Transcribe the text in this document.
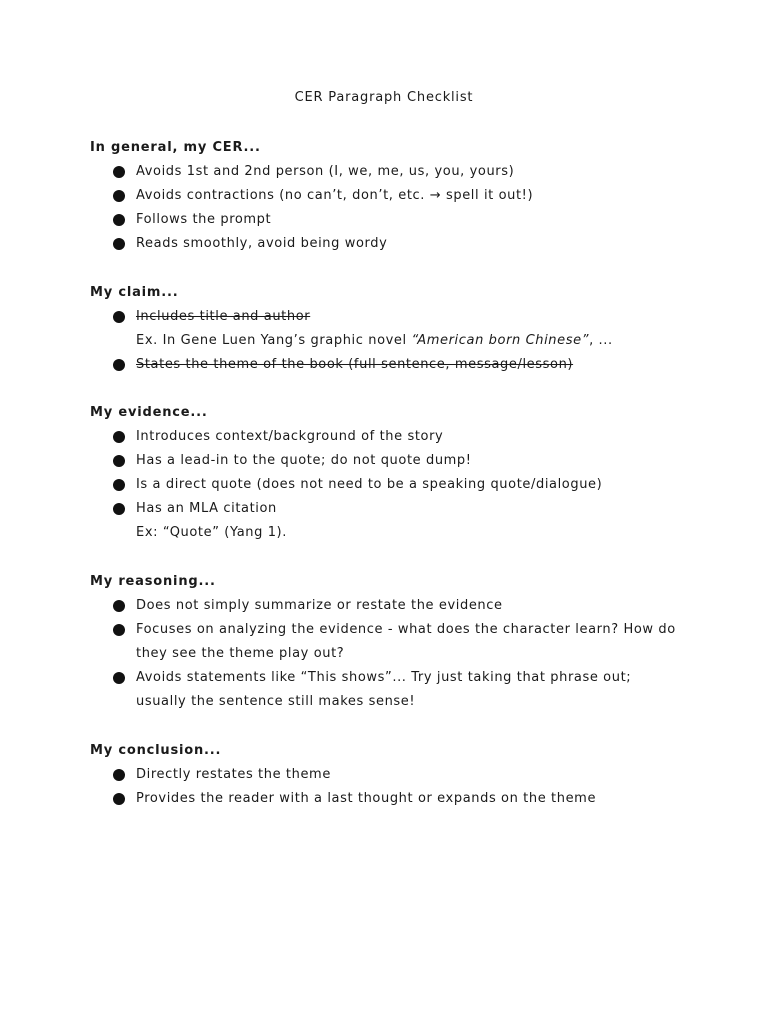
CER Paragraph Checklist
In general, my CER...
Avoids 1st and 2nd person (I, we, me, us, you, yours)
Avoids contractions (no can’t, don’t, etc. → spell it out!)
Follows the prompt
Reads smoothly, avoid being wordy
My claim...
Includes title and author
Ex. In Gene Luen Yang’s graphic novel “American born Chinese”, ...
States the theme of the book (full sentence, message/lesson)
My evidence...
Introduces context/background of the story
Has a lead-in to the quote; do not quote dump!
Is a direct quote (does not need to be a speaking quote/dialogue)
Has an MLA citation
Ex: “Quote” (Yang 1).
My reasoning...
Does not simply summarize or restate the evidence
Focuses on analyzing the evidence - what does the character learn? How do
they see the theme play out?
Avoids statements like “This shows”... Try just taking that phrase out;
usually the sentence still makes sense!
My conclusion...
Directly restates the theme
Provides the reader with a last thought or expands on the theme
